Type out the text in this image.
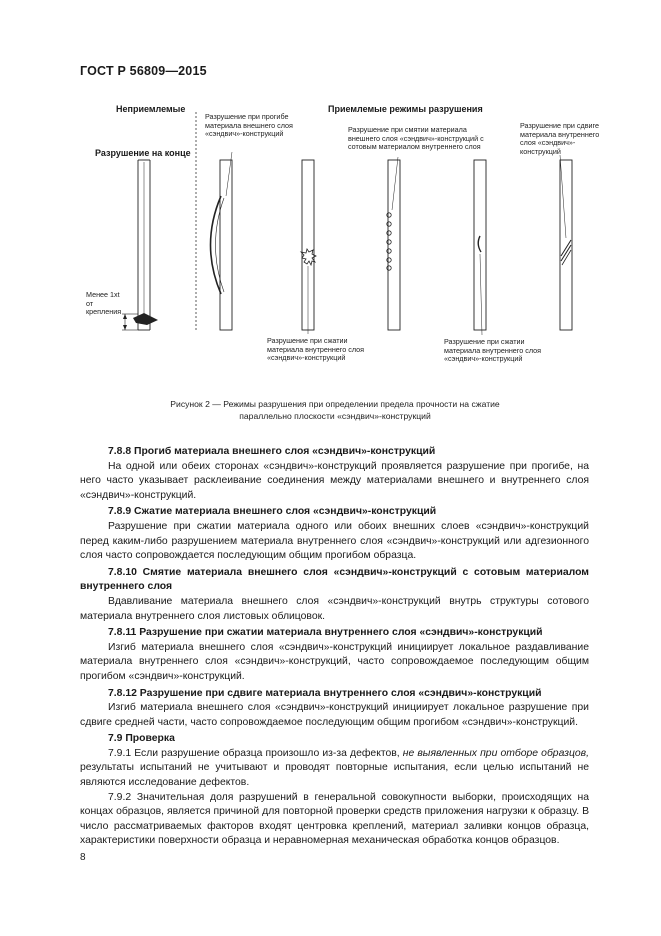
ГОСТ Р 56809—2015
Неприемлемые
Разрушение на конце
Приемлемые режимы разрушения
Разрушение при прогибе материала внешнего слоя «сэндвич»-конструкций	Разрушение при смятии материала внешнего слоя «сэндвич»-конструкций с сотовым материалом внутреннего слоя
Разрушение при сдвиге материала внутреннего слоя «сэндвич»-конструкций
Разрушение при сжатии материала внутреннего слоя «сэндвич»-конструкций
Разрушение при сжатии материала внутреннего слоя «сэндвич»-конструкций
Менее 1xt от крепления
Рисунок 2 — Режимы разрушения при определении предела прочности на сжатие
параллельно плоскости «сэндвич»-конструкций

7.8.8 Прогиб материала внешнего слоя «сэндвич»-конструкций

На одной или обеих сторонах «сэндвич»-конструкций проявляется разрушение при прогибе, на него часто указывает расклеивание соединения между материалами внешнего и внутреннего слоя «сэндвич»-конструкций.

7.8.9 Сжатие материала внешнего слоя «сэндвич»-конструкций

Разрушение при сжатии материала одного или обоих внешних слоев «сэндвич»-конструкций перед каким-либо разрушением материала внутреннего слоя «сэндвич»-конструкций или адгезионного слоя часто сопровождается последующим общим прогибом образца.

7.8.10 Смятие материала внешнего слоя «сэндвич»-конструкций с сотовым материалом внутреннего слоя

Вдавливание материала внешнего слоя «сэндвич»-конструкций внутрь структуры сотового материала внутреннего слоя листовых облицовок.

7.8.11 Разрушение при сжатии материала внутреннего слоя «сэндвич»-конструкций

Изгиб материала внешнего слоя «сэндвич»-конструкций инициирует локальное раздавливание материала внутреннего слоя «сэндвич»-конструкций, часто сопровождаемое последующим общим прогибом «сэндвич»-конструкций.

7.8.12 Разрушение при сдвиге материала внутреннего слоя «сэндвич»-конструкций

Изгиб материала внешнего слоя «сэндвич»-конструкций инициирует локальное разрушение при сдвиге средней части, часто сопровождаемое последующим общим прогибом «сэндвич»-конструкций.

7.9 Проверка

7.9.1 Если разрушение образца произошло из-за дефектов, не выявленных при отборе образцов, результаты испытаний не учитывают и проводят повторные испытания, если целью испытаний не являются исследование дефектов.

7.9.2 Значительная доля разрушений в генеральной совокупности выборки, происходящих на концах образцов, является причиной для повторной проверки средств приложения нагрузки к образцу. В число рассматриваемых факторов входят центровка креплений, материал заливки концов образца, характеристики поверхности образца и неравномерная механическая обработка концов образцов.

8
